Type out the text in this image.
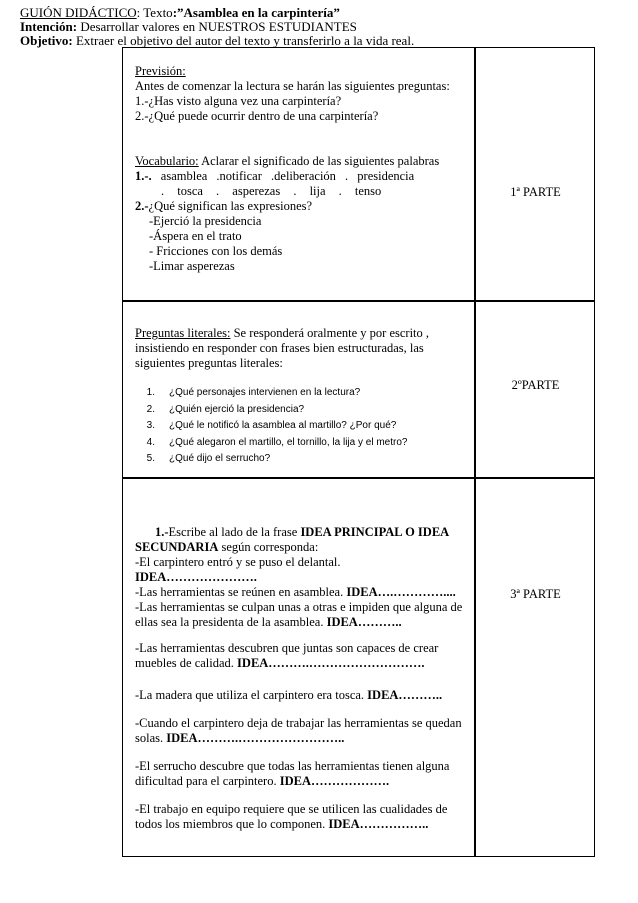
GUIÓN DIDÁCTICO: Texto:”Asamblea en la carpintería”
Intención: Desarrollar valores en NUESTROS ESTUDIANTES
Objetivo: Extraer el objetivo del autor del texto y transferirlo a la vida real.

Previsión:

Antes de comenzar la lectura se harán las siguientes preguntas:

1.-¿Has visto alguna vez una carpintería?

2.-¿Qué puede ocurrir dentro de una carpintería?

Vocabulario: Aclarar el significado de las siguientes palabras

1.-. asamblea .notificar .deliberación . presidencia

. tosca . asperezas . lija . tenso

2.-¿Qué significan las expresiones?

-Ejerció la presidencia

-Áspera en el trato

- Fricciones con los demás

-Limar asperezas

1ª PARTE

Preguntas literales: Se responderá oralmente y por escrito , insistiendo en responder con frases bien estructuradas, las siguientes preguntas literales:

1. ¿Qué personajes intervienen en la lectura?

2. ¿Quién ejerció la presidencia?

3. ¿Qué le notificó la asamblea al martillo? ¿Por qué?

4. ¿Qué alegaron el martillo, el tornillo, la lija y el metro?

5. ¿Qué dijo el serrucho?

2ºPARTE

1.-Escribe al lado de la frase IDEA PRINCIPAL O IDEA SECUNDARIA según corresponda:

-El carpintero entró y se puso el delantal.
IDEA………………….

-Las herramientas se reúnen en asamblea. IDEA….…………....

-Las herramientas se culpan unas a otras e impiden que alguna de ellas sea la presidenta de la asamblea. IDEA………..

-Las herramientas descubren que juntas son capaces de crear muebles de calidad. IDEA……….……………………….

-La madera que utiliza el carpintero era tosca. IDEA………..

-Cuando el carpintero deja de trabajar las herramientas se quedan solas. IDEA……….……………………..

-El serrucho descubre que todas las herramientas tienen alguna dificultad para el carpintero. IDEA……………….

-El trabajo en equipo requiere que se utilicen las cualidades de todos los miembros que lo componen. IDEA……………..

3ª PARTE
